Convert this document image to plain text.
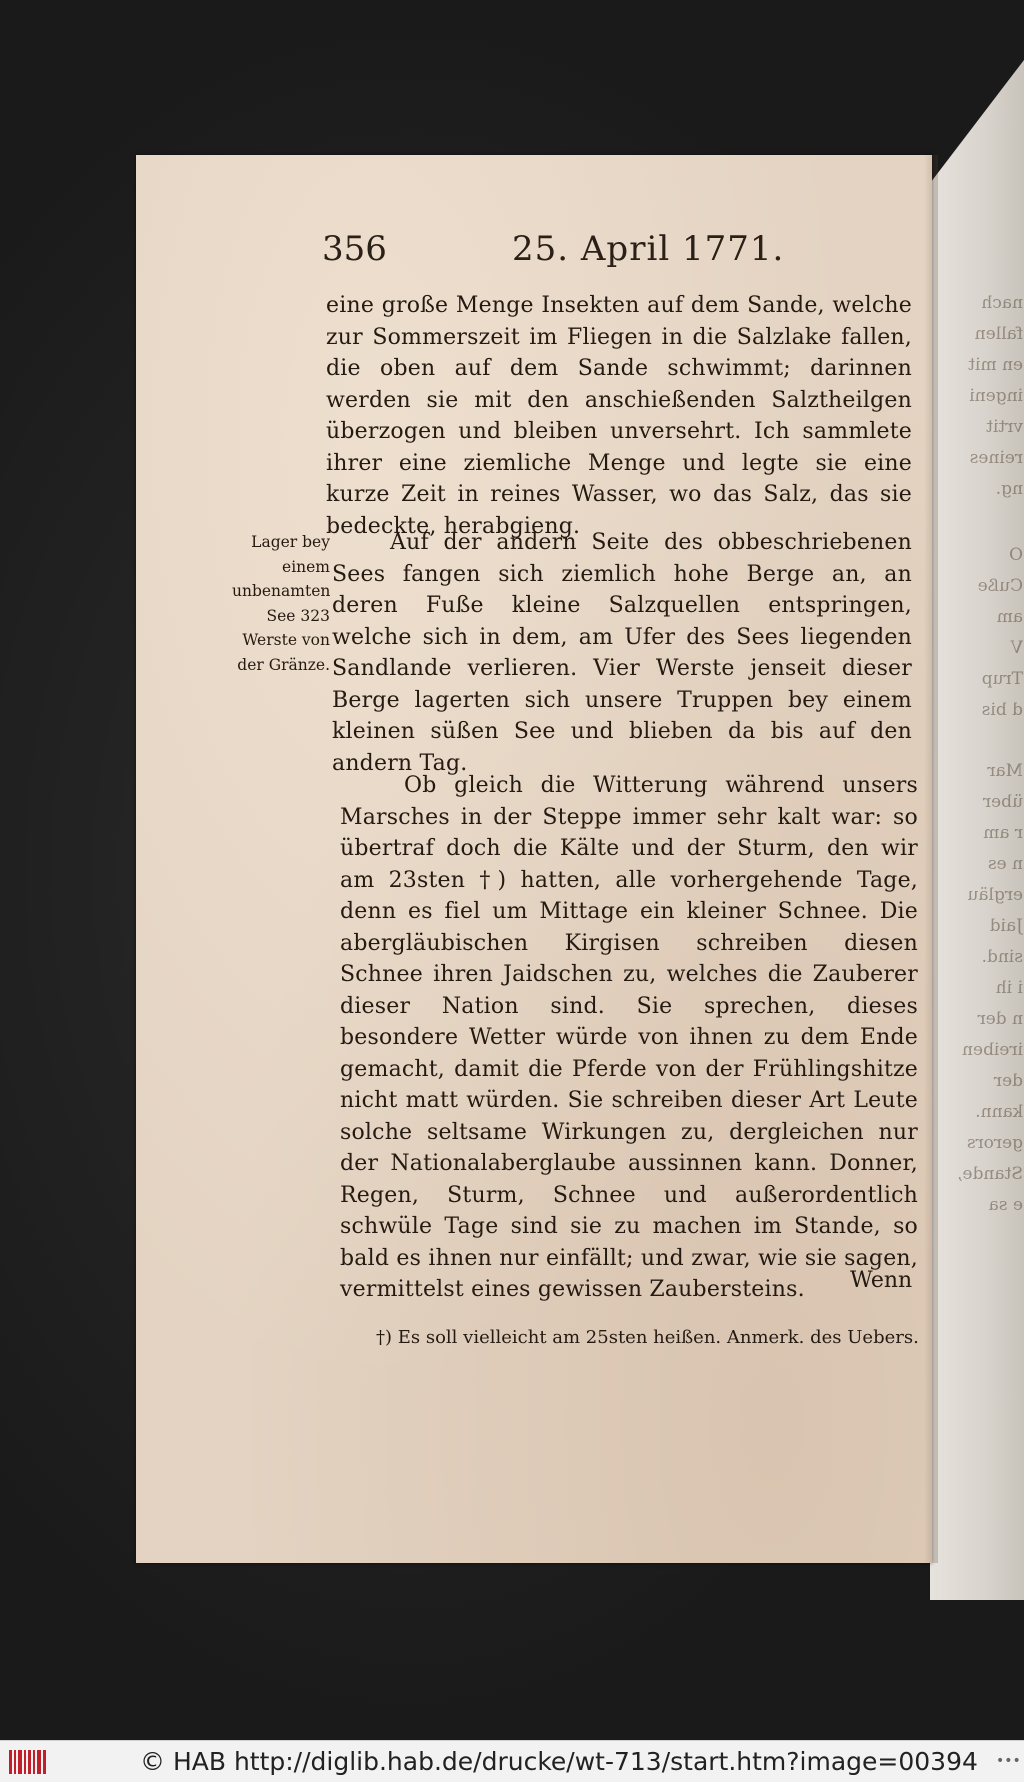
nach
fallen
en mit
ingeni
vrtit
reines
ng.
O
Cuße
am
V
Trup
d bis
Mar
über
r am
n es
ergläu
Jaid
sind.
i ih
n der
ireiben
der
kann.
gerors
Stande,
e sa
356	25. April 1771.

eine große Menge Insekten auf dem Sande, welche zur Sommerszeit im Fliegen in die Salzlake fallen, die oben auf dem Sande schwimmt; darinnen werden sie mit den anschießenden Salztheilgen überzogen und bleiben unversehrt. Ich sammlete ihrer eine ziemliche Menge und legte sie eine kurze Zeit in reines Wasser, wo das Salz, das sie bedeckte, herabgieng.

Lager bey einem unbenamten See 323 Werste von der Gränze.

Auf der andern Seite des obbeschriebenen Sees fangen sich ziemlich hohe Berge an, an deren Fuße kleine Salzquellen entspringen, welche sich in dem, am Ufer des Sees liegenden Sandlande verlieren. Vier Werste jenseit dieser Berge lagerten sich unsere Truppen bey einem kleinen süßen See und blieben da bis auf den andern Tag.

Ob gleich die Witterung während unsers Marsches in der Steppe immer sehr kalt war: so übertraf doch die Kälte und der Sturm, den wir am 23sten †) hatten, alle vorhergehende Tage, denn es fiel um Mittage ein kleiner Schnee. Die abergläubischen Kirgisen schreiben diesen Schnee ihren Jaidschen zu, welches die Zauberer dieser Nation sind. Sie sprechen, dieses besondere Wetter würde von ihnen zu dem Ende gemacht, damit die Pferde von der Frühlingshitze nicht matt würden. Sie schreiben dieser Art Leute solche seltsame Wirkungen zu, dergleichen nur der Nationalaberglaube aussinnen kann. Donner, Regen, Sturm, Schnee und außerordentlich schwüle Tage sind sie zu machen im Stande, so bald es ihnen nur einfällt; und zwar, wie sie sagen, vermittelst eines gewissen Zaubersteins.	Wenn
†) Es soll vielleicht am 25sten heißen. Anmerk. des Uebers.
© HAB http://diglib.hab.de/drucke/wt-713/start.htm?image=00394 •••
